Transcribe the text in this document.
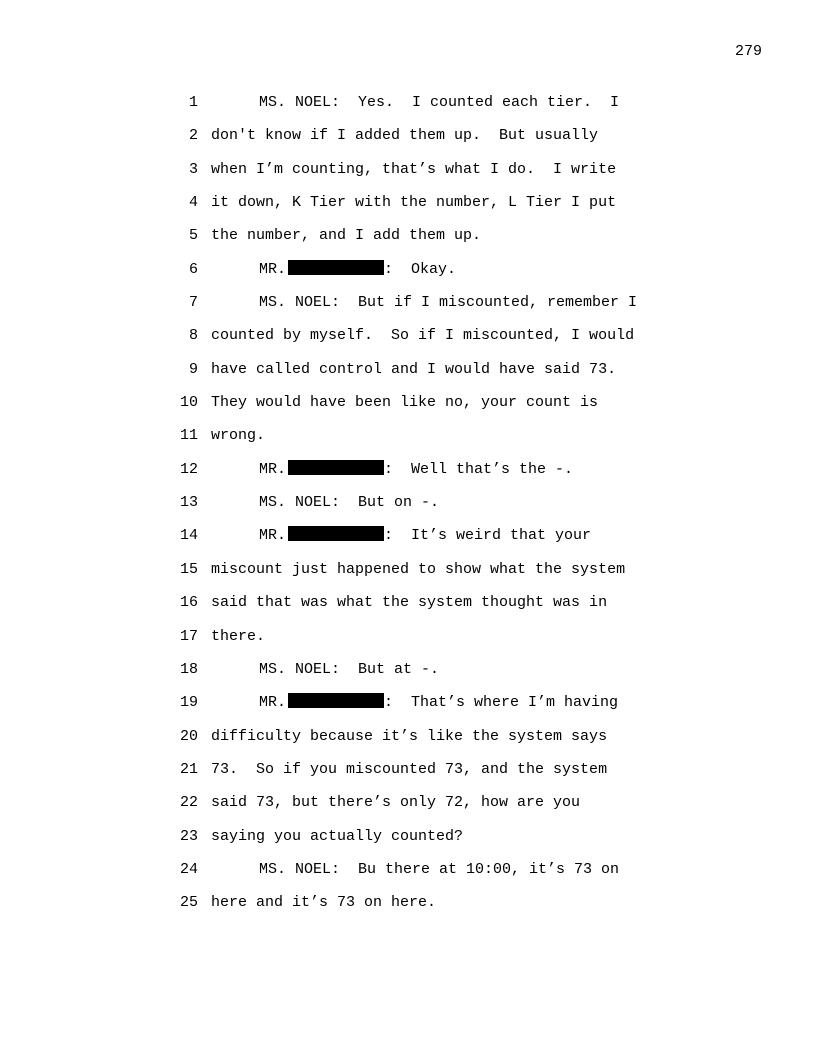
279
1	MS. NOEL:  Yes.  I counted each tier.  I
2 don't know if I added them up.  But usually
3 when I’m counting, that’s what I do.  I write
4 it down, K Tier with the number, L Tier I put
5 the number, and I add them up.
6	MR.	:  Okay.
7	MS. NOEL:  But if I miscounted, remember I
8 counted by myself.  So if I miscounted, I would
9 have called control and I would have said 73.
10 They would have been like no, your count is
11 wrong.
12	MR.	:  Well that’s the -.
13	MS. NOEL:  But on -.
14	MR.	:  It’s weird that your
15 miscount just happened to show what the system
16 said that was what the system thought was in
17 there.
18	MS. NOEL:  But at -.
19	MR.	:  That’s where I’m having
20 difficulty because it’s like the system says
21 73.  So if you miscounted 73, and the system
22 said 73, but there’s only 72, how are you
23 saying you actually counted?
24	MS. NOEL:  Bu there at 10:00, it’s 73 on
25 here and it’s 73 on here.
